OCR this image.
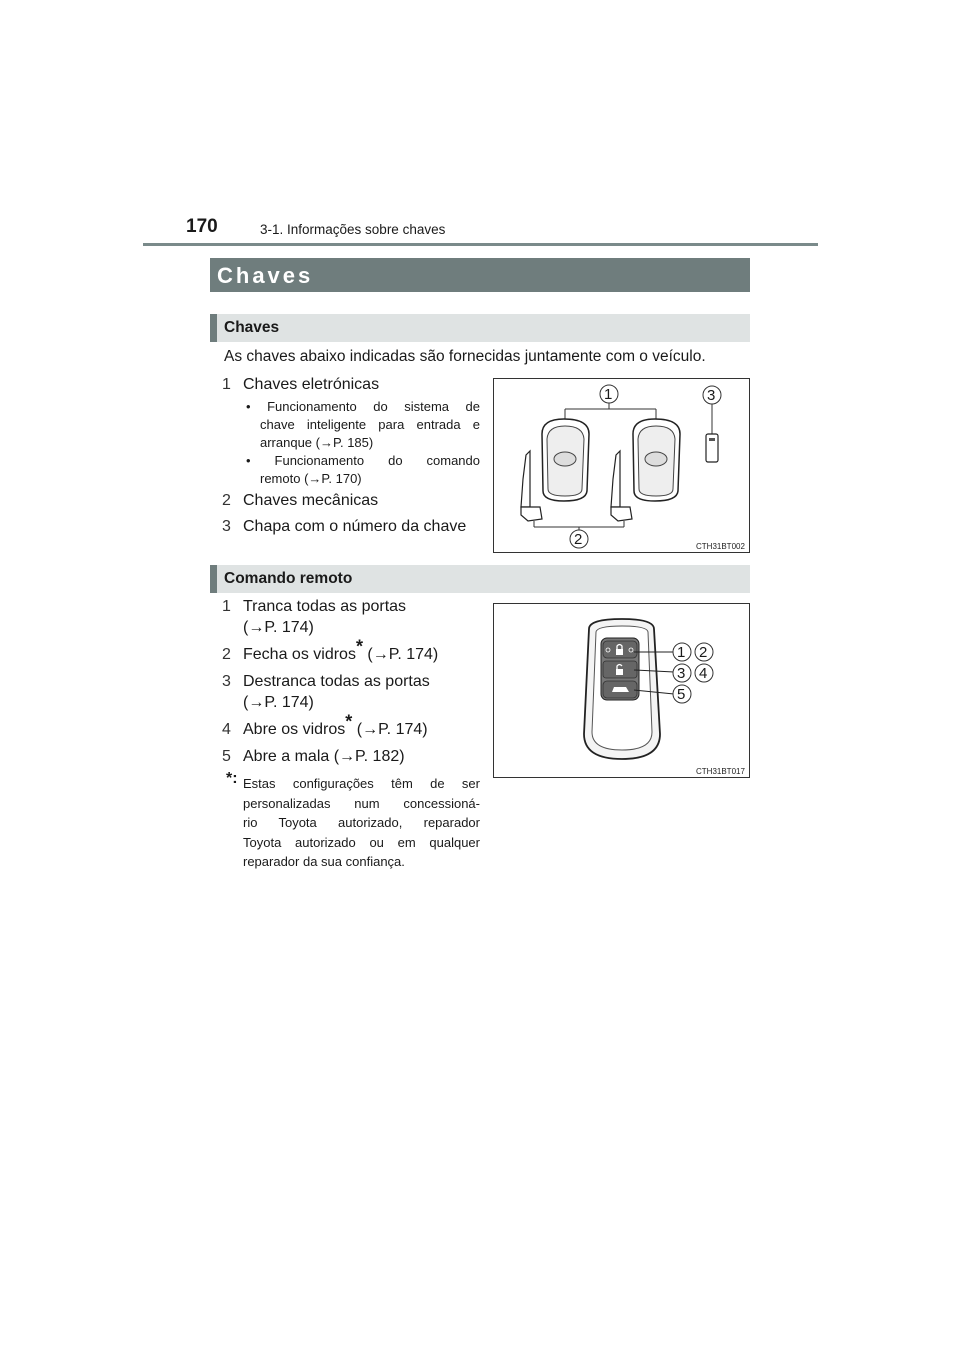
170	3-1. Informações sobre chaves
Chaves
Chaves
As chaves abaixo indicadas são fornecidas juntamente com o veículo.
1 Chaves eletrónicas
• Funcionamento do sistema de
chave inteligente para entrada e
arranque (→P. 185)
• Funcionamento do comando
remoto (→P. 170)
2 Chaves mecânicas
3 Chapa com o número da chave
1
2
3
CTH31BT002
Comando remoto
1 Tranca todas as portas
(→P. 174)
2 Fecha os vidros* (→P. 174)
3 Destranca todas as portas
(→P. 174)
4 Abre os vidros* (→P. 174)
5 Abre a mala (→P. 182)
*: Estas configurações têm de ser
personalizadas num concessioná-
rio Toyota autorizado, reparador
Toyota autorizado ou em qualquer
reparador da sua confiança.
1 2
3 4
5
CTH31BT017
